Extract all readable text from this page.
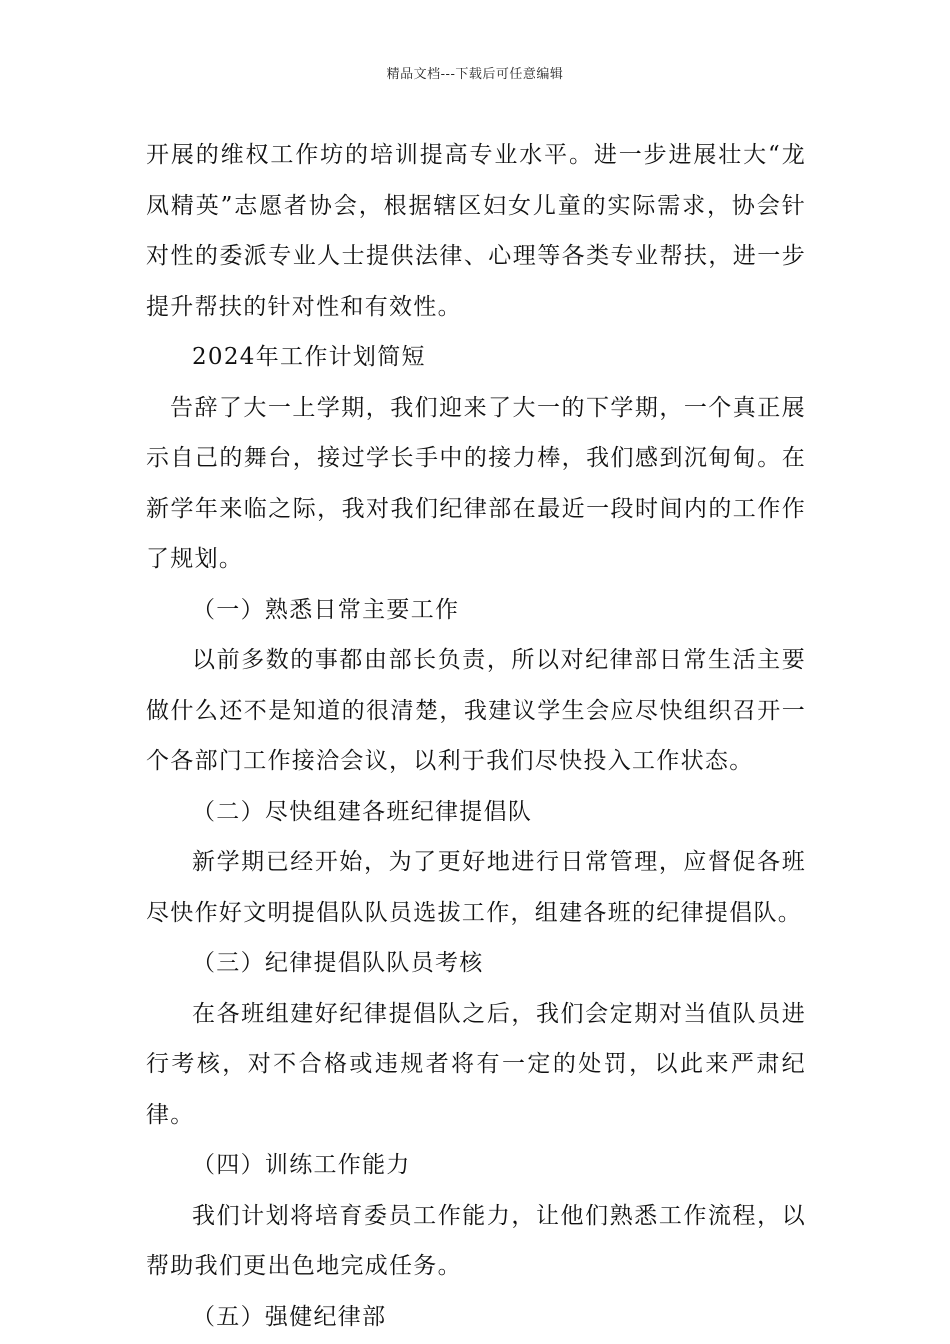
精品文档---下载后可任意编辑

开展的维权工作坊的培训提高专业水平。进一步进展壮大“龙凤精英”志愿者协会，根据辖区妇女儿童的实际需求，协会针对性的委派专业人士提供法律、心理等各类专业帮扶，进一步提升帮扶的针对性和有效性。

2024年工作计划简短

告辞了大一上学期，我们迎来了大一的下学期，一个真正展示自己的舞台，接过学长手中的接力棒，我们感到沉甸甸。在新学年来临之际，我对我们纪律部在最近一段时间内的工作作了规划。

（一）熟悉日常主要工作

以前多数的事都由部长负责，所以对纪律部日常生活主要做什么还不是知道的很清楚，我建议学生会应尽快组织召开一个各部门工作接洽会议，以利于我们尽快投入工作状态。

（二）尽快组建各班纪律提倡队

新学期已经开始，为了更好地进行日常管理，应督促各班尽快作好文明提倡队队员选拔工作，组建各班的纪律提倡队。

（三）纪律提倡队队员考核

在各班组建好纪律提倡队之后，我们会定期对当值队员进行考核，对不合格或违规者将有一定的处罚，以此来严肃纪律。

（四）训练工作能力

我们计划将培育委员工作能力，让他们熟悉工作流程，以帮助我们更出色地完成任务。

（五）强健纪律部
